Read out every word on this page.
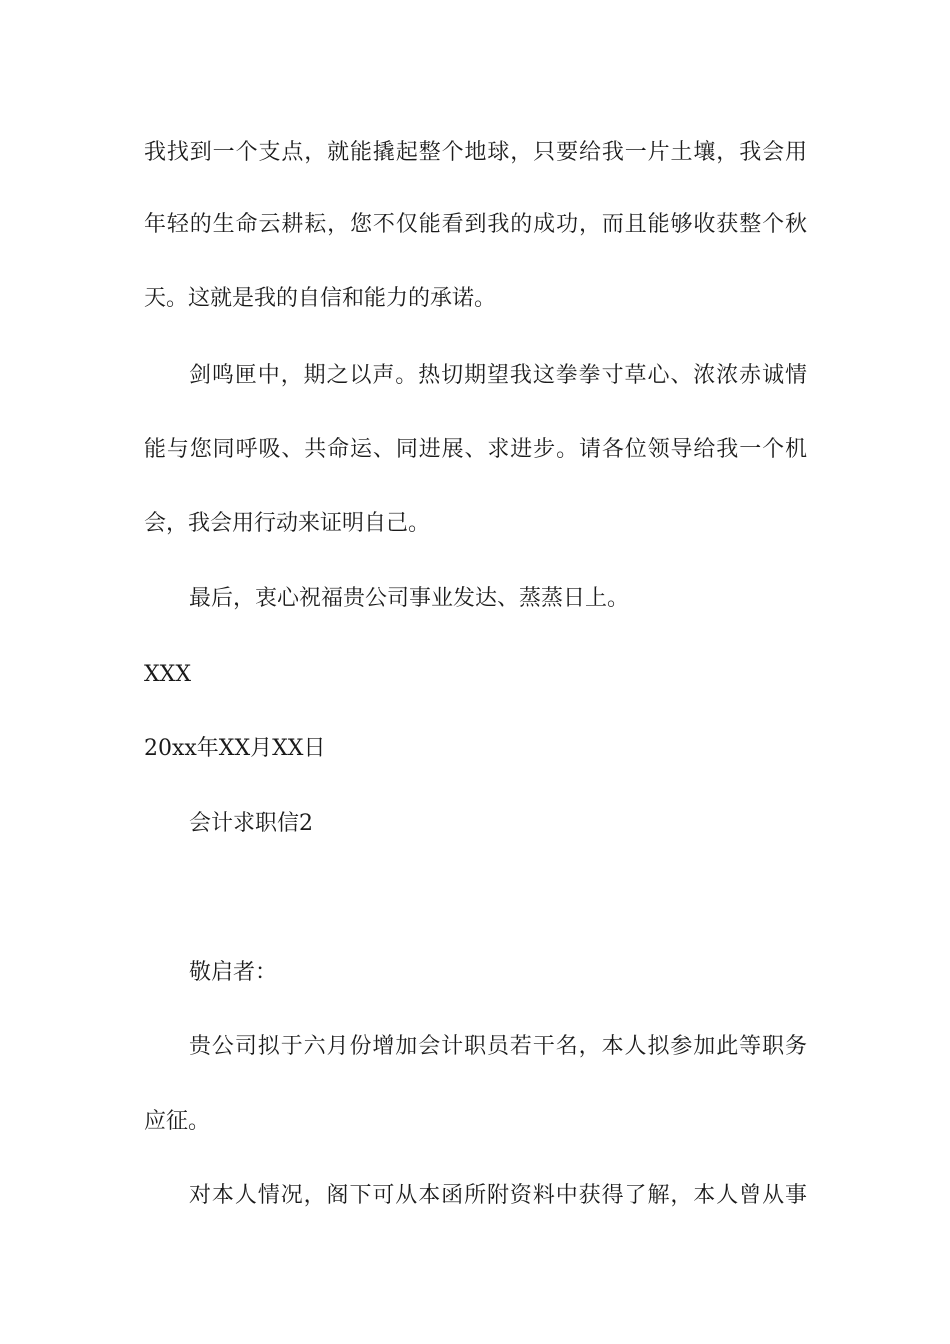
我找到一个支点，就能撬起整个地球，只要给我一片土壤，我会用

年轻的生命云耕耘，您不仅能看到我的成功，而且能够收获整个秋

天。这就是我的自信和能力的承诺。

剑鸣匣中，期之以声。热切期望我这拳拳寸草心、浓浓赤诚情

能与您同呼吸、共命运、同进展、求进步。请各位领导给我一个机

会，我会用行动来证明自己。

最后，衷心祝福贵公司事业发达、蒸蒸日上。

XXX

20xx年XX月XX日

会计求职信2

敬启者：

贵公司拟于六月份增加会计职员若干名，本人拟参加此等职务

应征。

对本人情况，阁下可从本函所附资料中获得了解，本人曾从事
